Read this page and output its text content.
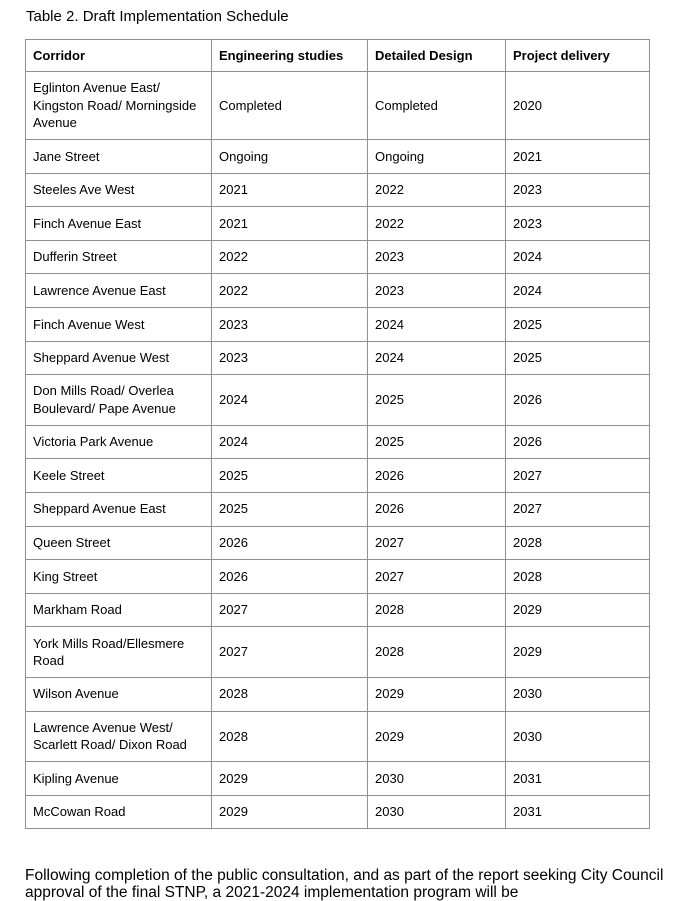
Table 2. Draft Implementation Schedule
Corridor	Engineering studies	Detailed Design	Project delivery
Eglinton Avenue East/ Kingston Road/ Morningside Avenue	Completed	Completed	2020
Jane Street	Ongoing	Ongoing	2021
Steeles Ave West	2021	2022	2023
Finch Avenue East	2021	2022	2023
Dufferin Street	2022	2023	2024
Lawrence Avenue East	2022	2023	2024
Finch Avenue West	2023	2024	2025
Sheppard Avenue West	2023	2024	2025
Don Mills Road/ Overlea Boulevard/ Pape Avenue	2024	2025	2026
Victoria Park Avenue	2024	2025	2026
Keele Street	2025	2026	2027
Sheppard Avenue East	2025	2026	2027
Queen Street	2026	2027	2028
King Street	2026	2027	2028
Markham Road	2027	2028	2029
York Mills Road/Ellesmere Road	2027	2028	2029
Wilson Avenue	2028	2029	2030
Lawrence Avenue West/ Scarlett Road/ Dixon Road	2028	2029	2030
Kipling Avenue	2029	2030	2031
McCowan Road	2029	2030	2031

Following completion of the public consultation, and as part of the report seeking City Council approval of the final STNP, a 2021-2024 implementation program will be
